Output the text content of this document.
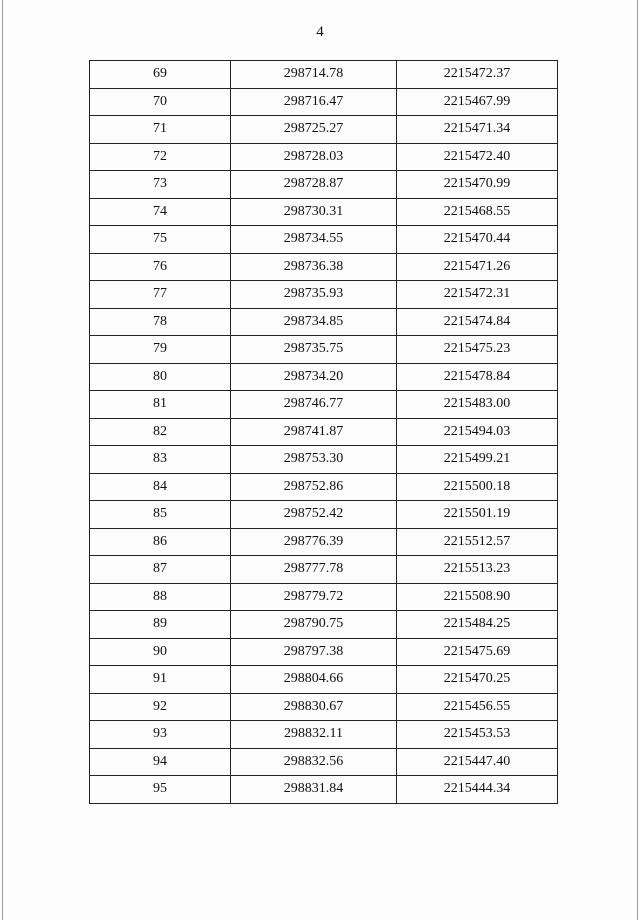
4
69	298714.78	2215472.37
70	298716.47	2215467.99
71	298725.27	2215471.34
72	298728.03	2215472.40
73	298728.87	2215470.99
74	298730.31	2215468.55
75	298734.55	2215470.44
76	298736.38	2215471.26
77	298735.93	2215472.31
78	298734.85	2215474.84
79	298735.75	2215475.23
80	298734.20	2215478.84
81	298746.77	2215483.00
82	298741.87	2215494.03
83	298753.30	2215499.21
84	298752.86	2215500.18
85	298752.42	2215501.19
86	298776.39	2215512.57
87	298777.78	2215513.23
88	298779.72	2215508.90
89	298790.75	2215484.25
90	298797.38	2215475.69
91	298804.66	2215470.25
92	298830.67	2215456.55
93	298832.11	2215453.53
94	298832.56	2215447.40
95	298831.84	2215444.34
